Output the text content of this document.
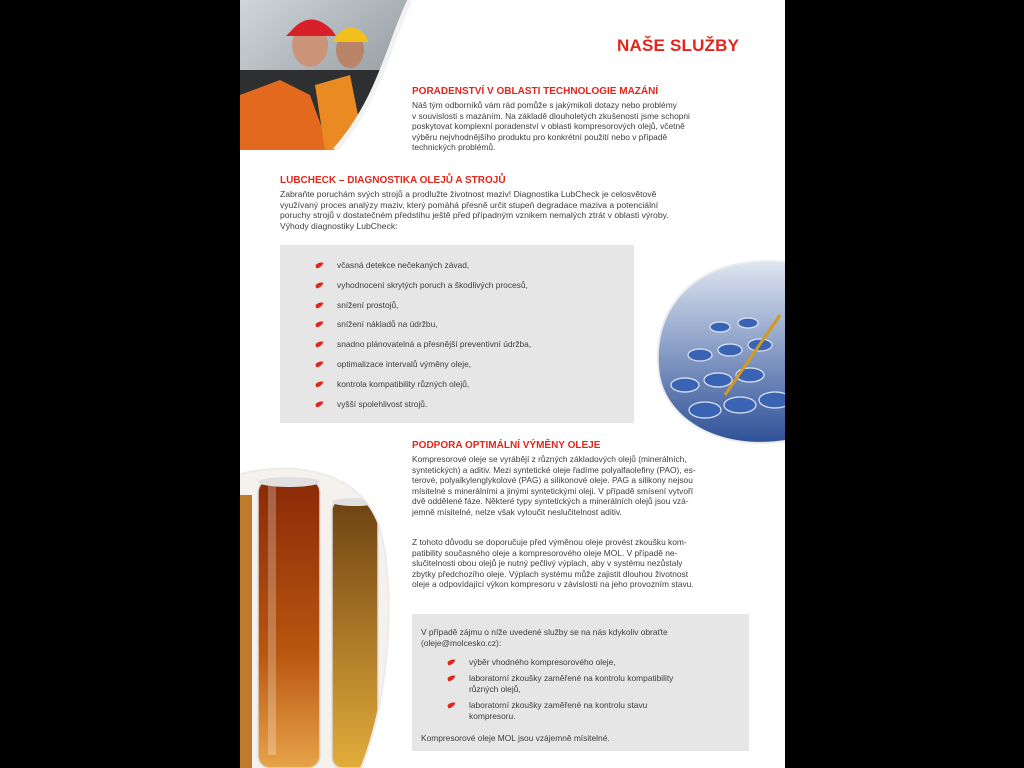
NAŠE SLUŽBY
PORADENSTVÍ V OBLASTI TECHNOLOGIE MAZÁNÍ
Náš tým odborníků vám rád pomůže s jakýmikoli dotazy nebo problémy
v souvislosti s mazáním. Na základě dlouholetých zkušeností jsme schopni
poskytovat komplexní poradenství v oblasti kompresorových olejů, včetně
výběru nejvhodnějšího produktu pro konkrétní použití nebo v případě
technických problémů.
LUBCHECK – DIAGNOSTIKA OLEJŮ A STROJŮ
Zabraňte poruchám svých strojů a prodlužte životnost maziv! Diagnostika LubCheck je celosvětově
využívaný proces analýzy maziv, který pomáhá přesně určit stupeň degradace maziva a potenciální
poruchy strojů v dostatečném předstihu ještě před případným vznikem nemalých ztrát v oblasti výroby.
Výhody diagnostiky LubCheck:
včasná detekce nečekaných závad,
vyhodnocení skrytých poruch a škodlivých procesů,
snížení prostojů,
snížení nákladů na údržbu,
snadno plánovatelná a přesnější preventivní údržba,
optimalizace intervalů výměny oleje,
kontrola kompatibility různých olejů,
vyšší spolehlivost strojů.
PODPORA OPTIMÁLNÍ VÝMĚNY OLEJE
Kompresorové oleje se vyrábějí z různých základových olejů (minerálních,
syntetických) a aditiv. Mezi syntetické oleje řadíme polyalfaolefiny (PAO), es-
terové, polyalkylenglykolové (PAG) a silikonové oleje. PAG a silikony nejsou
mísitelné s minerálními a jinými syntetickými oleji. V případě smísení vytvoří
dvě oddělené fáze. Některé typy syntetických a minerálních olejů jsou vzá-
jemně mísitelné, nelze však vyloučit neslučitelnost aditiv.
Z tohoto důvodu se doporučuje před výměnou oleje provést zkoušku kom-
patibility současného oleje a kompresorového oleje MOL. V případě ne-
slučitelnosti obou olejů je nutný pečlivý výplach, aby v systému nezůstaly
zbytky předchozího oleje. Výplach systému může zajistit dlouhou životnost
oleje a odpovídající výkon kompresoru v závislosti na jeho provozním stavu.
V případě zájmu o níže uvedené služby se na nás kdykoliv obraťte
(oleje@molcesko.cz):
výběr vhodného kompresorového oleje,
laboratorní zkoušky zaměřené na kontrolu kompatibility
různých olejů,
laboratorní zkoušky zaměřené na kontrolu stavu
kompresoru.
Kompresorové oleje MOL jsou vzájemně mísitelné.
